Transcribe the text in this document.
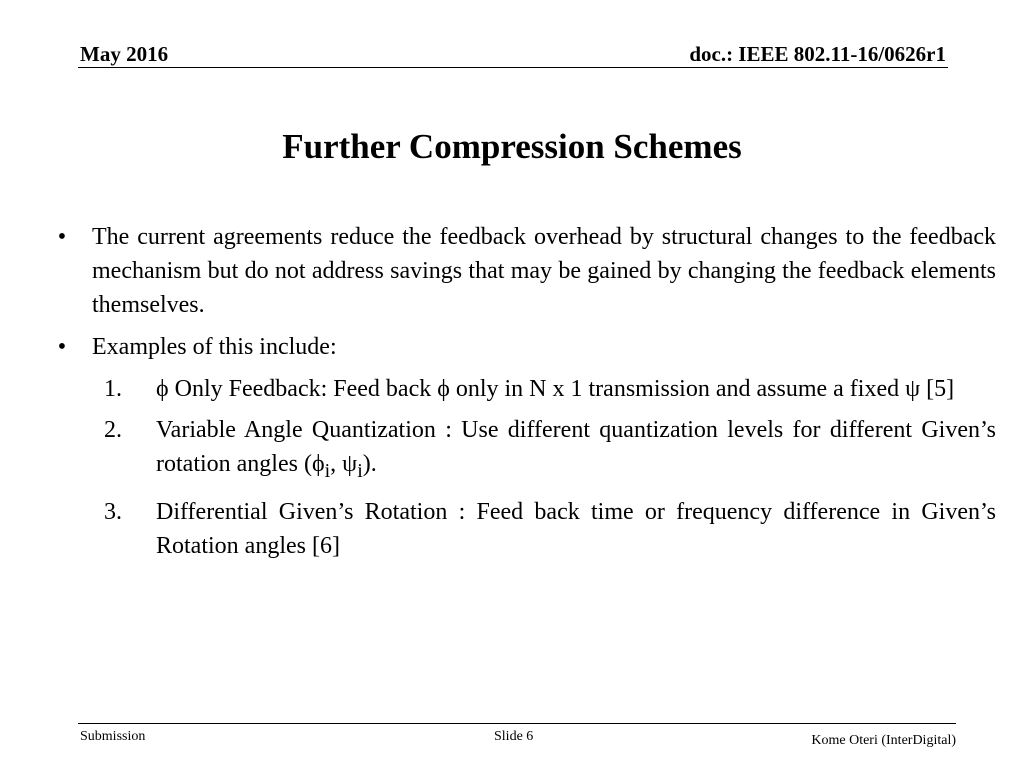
May 2016	doc.: IEEE 802.11-16/0626r1
Further Compression Schemes
• The current agreements reduce the feedback overhead by structural changes to the feedback mechanism but do not address savings that may be gained by changing the feedback elements themselves.
• Examples of this include:
1.	ϕ Only Feedback: Feed back ϕ only in N x 1 transmission and assume a fixed ψ [5]
2.	Variable Angle Quantization : Use different quantization levels for different Given’s rotation angles ($\phi_i$, $\psi_i$).
3.	Differential Given’s Rotation : Feed back time or frequency difference in Given’s Rotation angles [6]
Submission	Slide 6	Kome Oteri (InterDigital)
